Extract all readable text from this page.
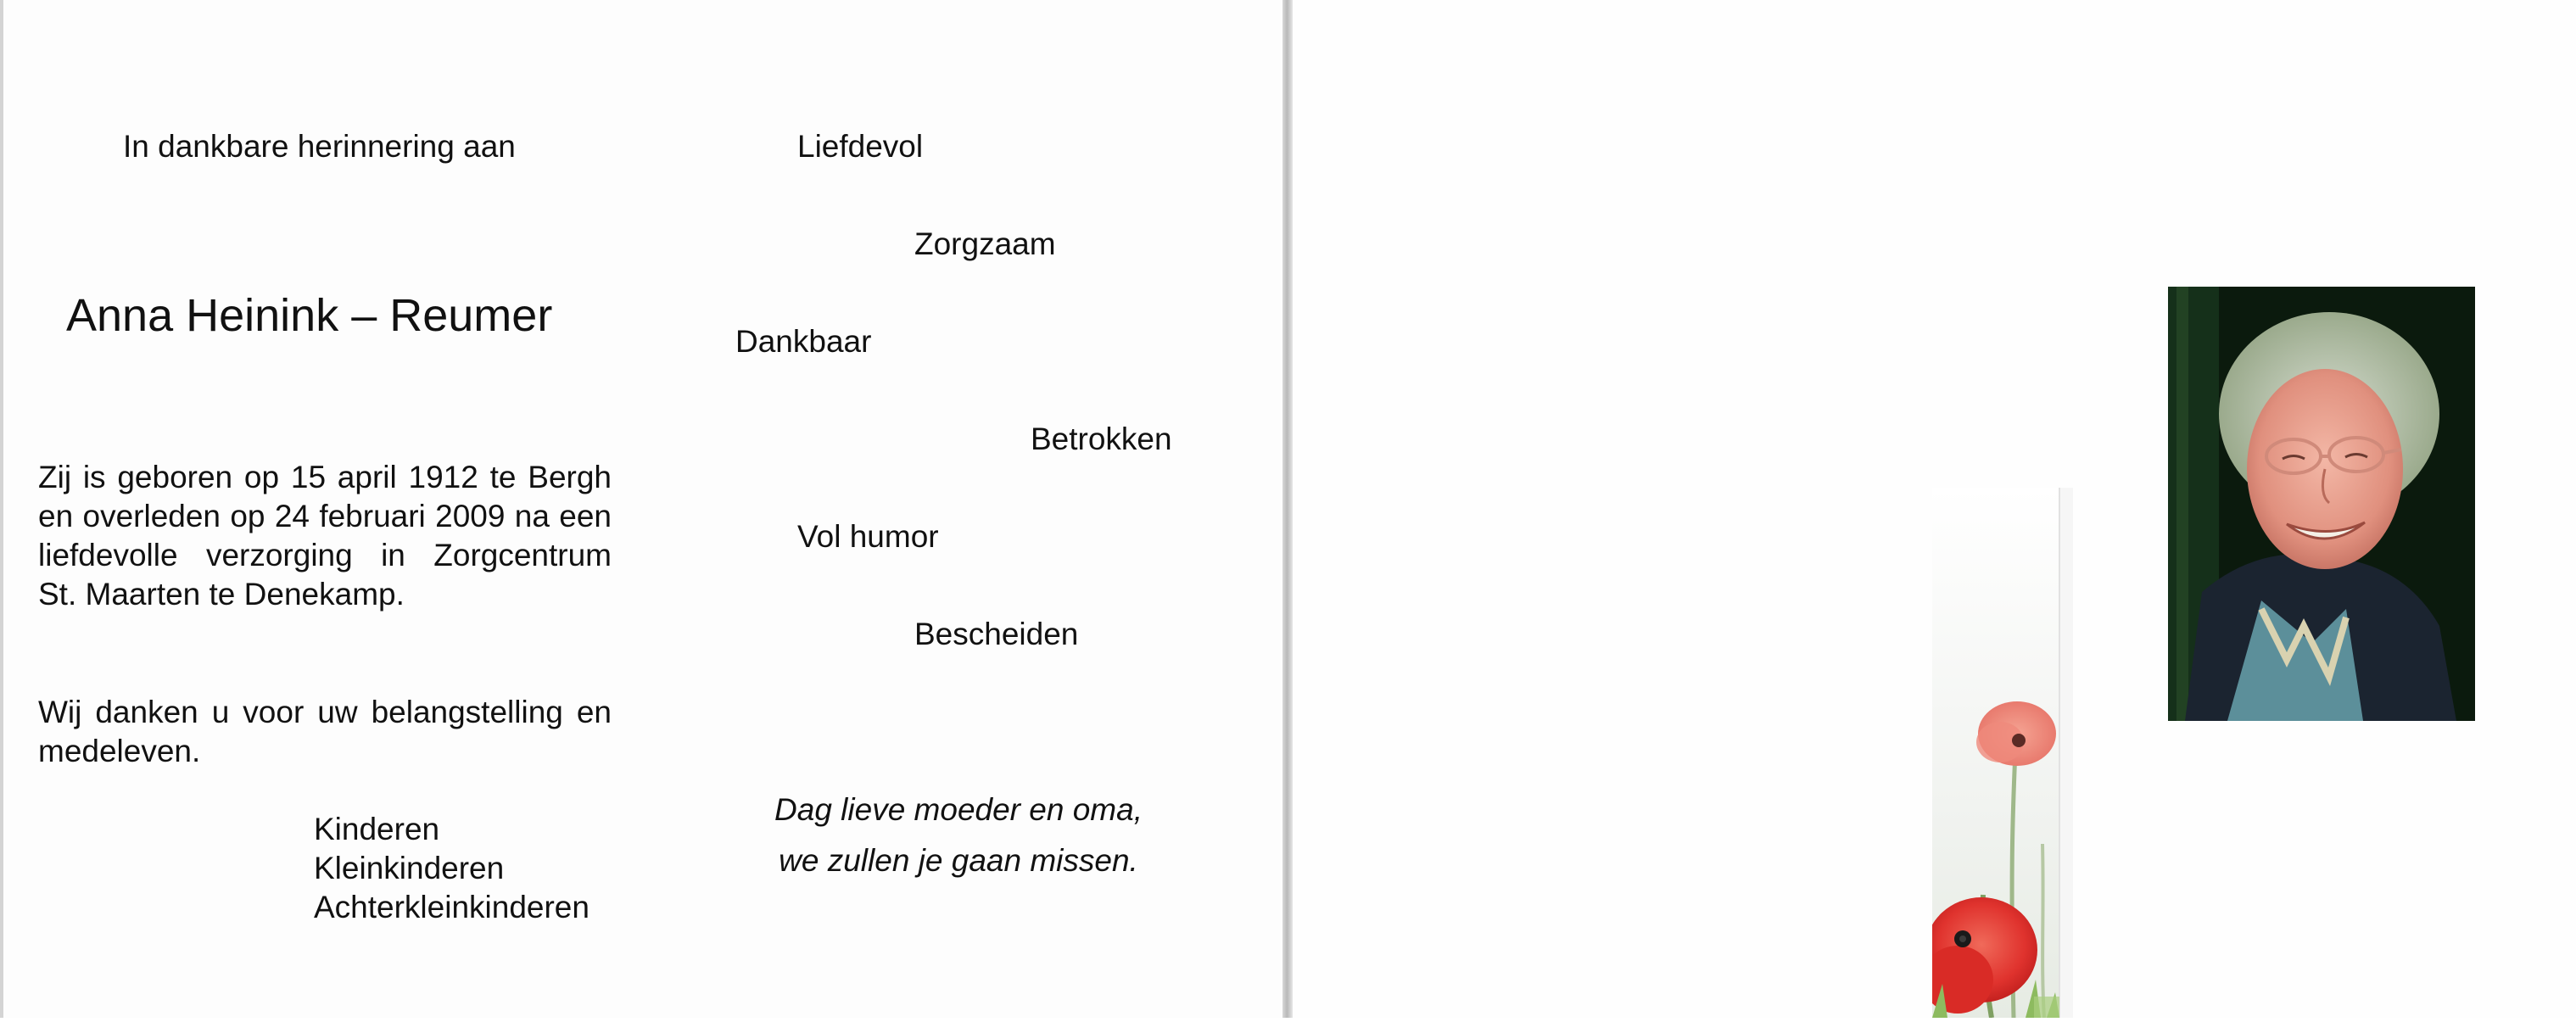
In dankbare herinnering aan
Anna Heinink – Reumer
Zij is geboren op 15 april 1912 te Bergh
en overleden op 24 februari 2009 na een
liefdevolle verzorging in Zorgcentrum
St. Maarten te Denekamp.
Wij danken u voor uw belangstelling en
medeleven.
Kinderen
Kleinkinderen
Achterkleinkinderen
Liefdevol
Zorgzaam
Dankbaar
Betrokken
Vol humor
Bescheiden
Dag lieve moeder en oma,
we zullen je gaan missen.
